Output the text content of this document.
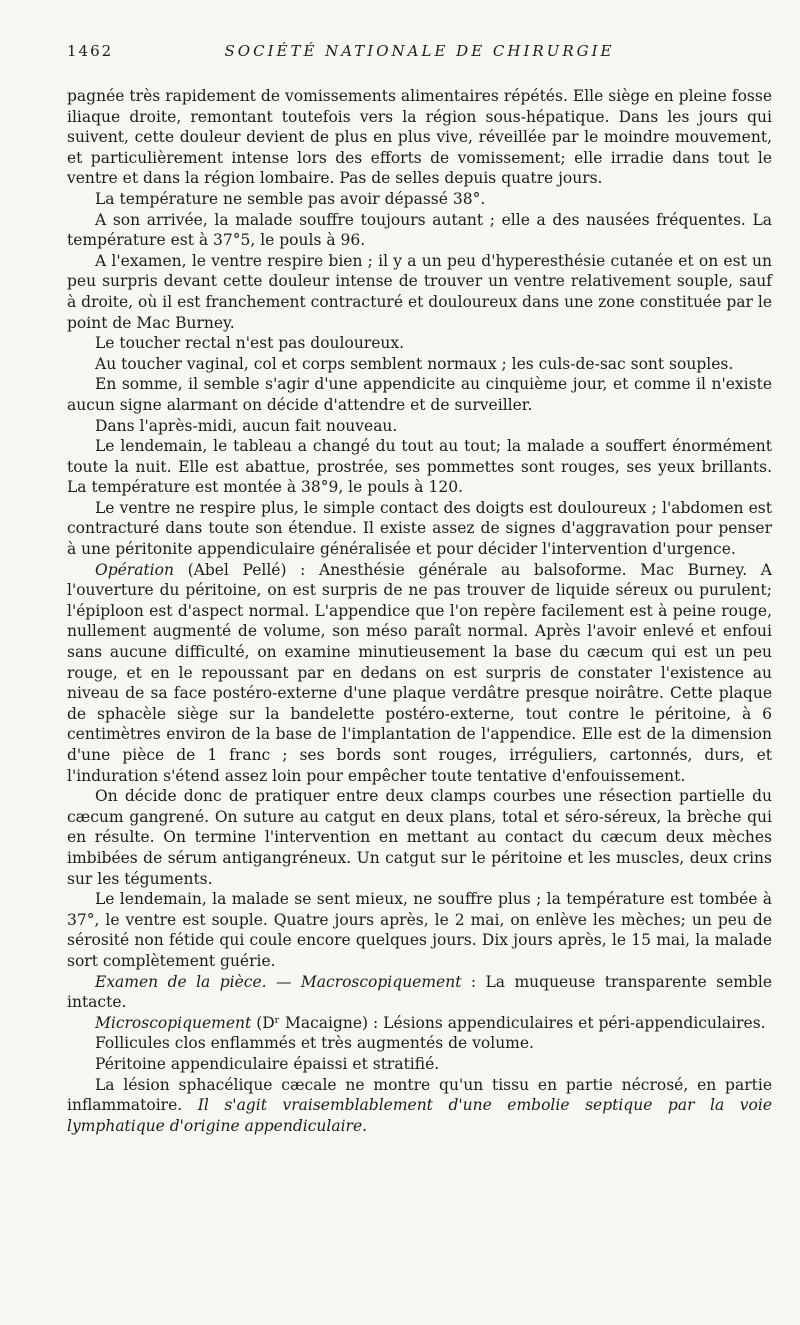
1462	SOCIÉTÉ NATIONALE DE CHIRURGIE

pagnée très rapidement de vomissements alimentaires répétés. Elle siège en pleine fosse iliaque droite, remontant toutefois vers la région sous-hépatique. Dans les jours qui suivent, cette douleur devient de plus en plus vive, réveillée par le moindre mouvement, et particulièrement intense lors des efforts de vomissement; elle irradie dans tout le ventre et dans la région lombaire. Pas de selles depuis quatre jours.

La température ne semble pas avoir dépassé 38°.

A son arrivée, la malade souffre toujours autant ; elle a des nausées fréquentes. La température est à 37°5, le pouls à 96.

A l'examen, le ventre respire bien ; il y a un peu d'hyperesthésie cutanée et on est un peu surpris devant cette douleur intense de trouver un ventre relativement souple, sauf à droite, où il est franchement contracturé et douloureux dans une zone constituée par le point de Mac Burney.

Le toucher rectal n'est pas douloureux.

Au toucher vaginal, col et corps semblent normaux ; les culs-de-sac sont souples.

En somme, il semble s'agir d'une appendicite au cinquième jour, et comme il n'existe aucun signe alarmant on décide d'attendre et de surveiller.

Dans l'après-midi, aucun fait nouveau.

Le lendemain, le tableau a changé du tout au tout; la malade a souffert énormément toute la nuit. Elle est abattue, prostrée, ses pommettes sont rouges, ses yeux brillants. La température est montée à 38°9, le pouls à 120.

Le ventre ne respire plus, le simple contact des doigts est douloureux ; l'abdomen est contracturé dans toute son étendue. Il existe assez de signes d'aggravation pour penser à une péritonite appendiculaire généralisée et pour décider l'intervention d'urgence.

Opération (Abel Pellé) : Anesthésie générale au balsoforme. Mac Burney. A l'ouverture du péritoine, on est surpris de ne pas trouver de liquide séreux ou purulent; l'épiploon est d'aspect normal. L'appendice que l'on repère facilement est à peine rouge, nullement augmenté de volume, son méso paraît normal. Après l'avoir enlevé et enfoui sans aucune difficulté, on examine minutieusement la base du cæcum qui est un peu rouge, et en le repoussant par en dedans on est surpris de constater l'existence au niveau de sa face postéro-externe d'une plaque verdâtre presque noirâtre. Cette plaque de sphacèle siège sur la bandelette postéro-externe, tout contre le péritoine, à 6 centimètres environ de la base de l'implantation de l'appendice. Elle est de la dimension d'une pièce de 1 franc ; ses bords sont rouges, irréguliers, cartonnés, durs, et l'induration s'étend assez loin pour empêcher toute tentative d'enfouissement.

On décide donc de pratiquer entre deux clamps courbes une résection partielle du cæcum gangrené. On suture au catgut en deux plans, total et séro-séreux, la brèche qui en résulte. On termine l'intervention en mettant au contact du cæcum deux mèches imbibées de sérum antigangréneux. Un catgut sur le péritoine et les muscles, deux crins sur les téguments.

Le lendemain, la malade se sent mieux, ne souffre plus ; la température est tombée à 37°, le ventre est souple. Quatre jours après, le 2 mai, on enlève les mèches; un peu de sérosité non fétide qui coule encore quelques jours. Dix jours après, le 15 mai, la malade sort complètement guérie.

Examen de la pièce. — Macroscopiquement : La muqueuse transparente semble intacte.

Microscopiquement (Dʳ Macaigne) : Lésions appendiculaires et péri-appendiculaires.

Follicules clos enflammés et très augmentés de volume.

Péritoine appendiculaire épaissi et stratifié.

La lésion sphacélique cæcale ne montre qu'un tissu en partie nécrosé, en partie inflammatoire. Il s'agit vraisemblablement d'une embolie septique par la voie lymphatique d'origine appendiculaire.
